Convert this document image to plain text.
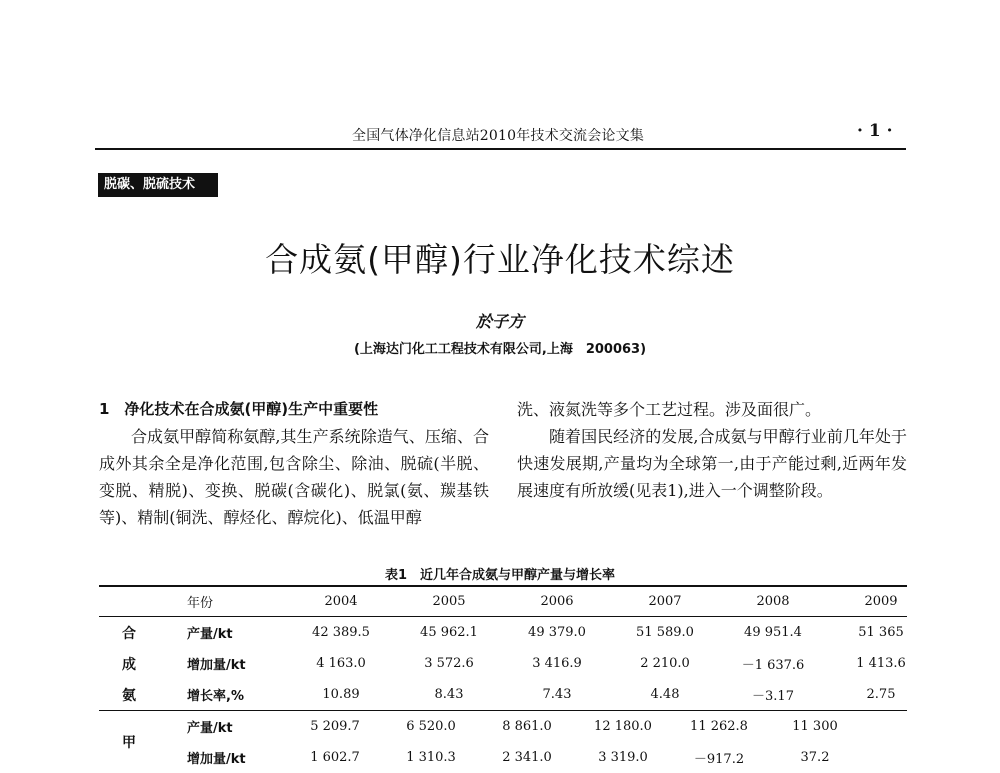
全国气体净化信息站2010年技术交流会论文集	· 1 ·
脱碳、脱硫技术
合成氨(甲醇)行业净化技术综述
於子方
(上海达门化工工程技术有限公司,上海　200063)

1　净化技术在合成氨(甲醇)生产中重要性

合成氨甲醇简称氨醇,其生产系统除造气、压缩、合成外其余全是净化范围,包含除尘、除油、脱硫(半脱、变脱、精脱)、变换、脱碳(含碳化)、脱氯(氨、羰基铁等)、精制(铜洗、醇烃化、醇烷化)、低温甲醇

洗、液氮洗等多个工艺过程。涉及面很广。

随着国民经济的发展,合成氨与甲醇行业前几年处于快速发展期,产量均为全球第一,由于产能过剩,近两年发展速度有所放缓(见表1),进入一个调整阶段。

表1　近几年合成氨与甲醇产量与增长率
	年份	2004	2005	2006	2007	2008	2009
合	产量/kt	42 389.5	45 962.1	49 379.0	51 589.0	49 951.4	51 365
成	增加量/kt	4 163.0	3 572.6	3 416.9	2 210.0	－1 637.6	1 413.6
氨	增长率,%	10.89	8.43	7.43	4.48	－3.17	2.75
甲	产量/kt	5 209.7	6 520.0	8 861.0	12 180.0	11 262.8	11 300
	增加量/kt	1 602.7	1 310.3	2 341.0	3 319.0	－917.2	37.2
